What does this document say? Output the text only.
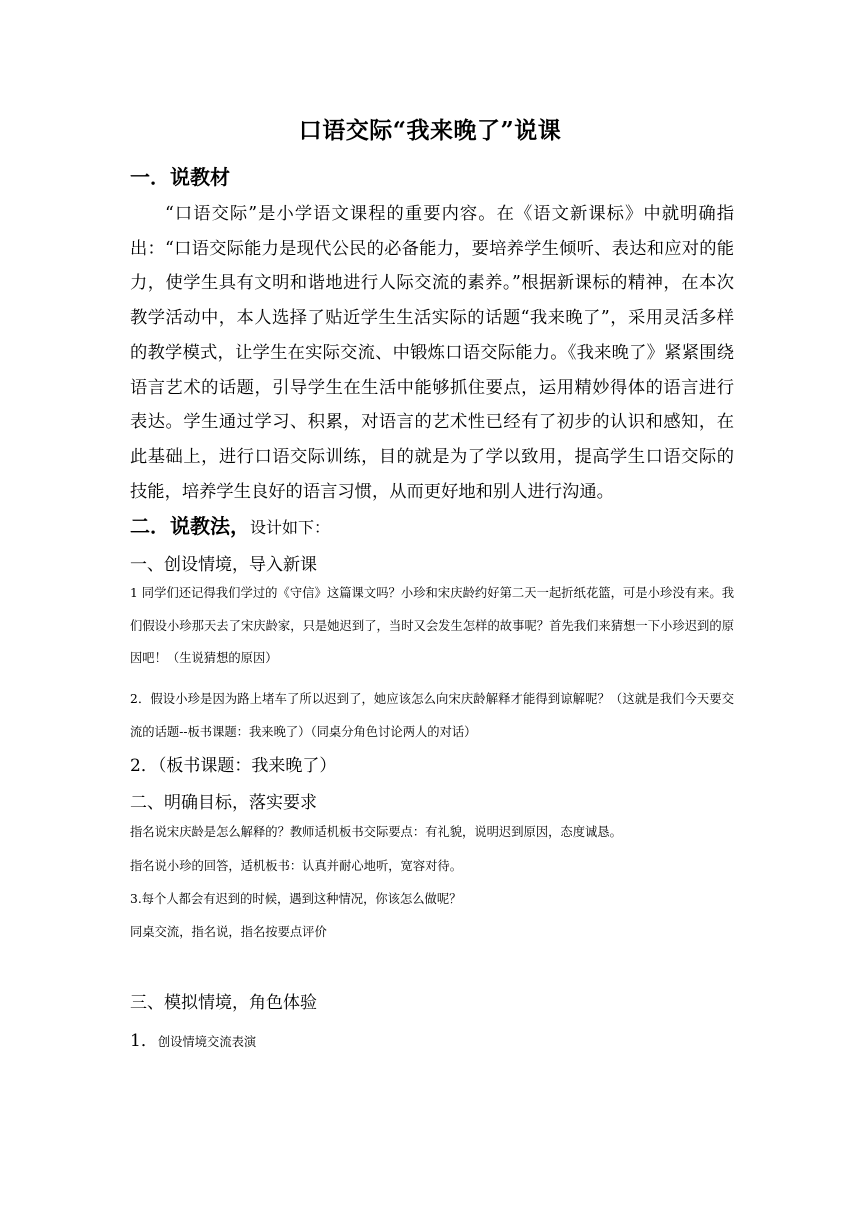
口语交际“我来晚了”说课
一．说教材
“口语交际”是小学语文课程的重要内容。在《语文新课标》中就明确指出：“口语交际能力是现代公民的必备能力，要培养学生倾听、表达和应对的能力，使学生具有文明和谐地进行人际交流的素养。”根据新课标的精神，在本次教学活动中，本人选择了贴近学生生活实际的话题“我来晚了”，采用灵活多样的教学模式，让学生在实际交流、中锻炼口语交际能力。《我来晚了》紧紧围绕语言艺术的话题，引导学生在生活中能够抓住要点，运用精妙得体的语言进行表达。学生通过学习、积累，对语言的艺术性已经有了初步的认识和感知，在此基础上，进行口语交际训练，目的就是为了学以致用，提高学生口语交际的技能，培养学生良好的语言习惯，从而更好地和别人进行沟通。
二．说教法，设计如下：
一、创设情境，导入新课
1 同学们还记得我们学过的《守信》这篇课文吗？小珍和宋庆龄约好第二天一起折纸花篮，可是小珍没有来。我们假设小珍那天去了宋庆龄家，只是她迟到了，当时又会发生怎样的故事呢？首先我们来猜想一下小珍迟到的原因吧！（生说猜想的原因）
2．假设小珍是因为路上堵车了所以迟到了，她应该怎么向宋庆龄解释才能得到谅解呢？（这就是我们今天要交流的话题--板书课题：我来晚了）（同桌分角色讨论两人的对话）
2．（板书课题：我来晚了）
二、明确目标，落实要求
指名说宋庆龄是怎么解释的？教师适机板书交际要点：有礼貌，说明迟到原因，态度诚恳。
指名说小珍的回答，适机板书：认真并耐心地听，宽容对待。
3.每个人都会有迟到的时候，遇到这种情况，你该怎么做呢？
同桌交流，指名说，指名按要点评价
三、模拟情境，角色体验
1．创设情境交流表演
